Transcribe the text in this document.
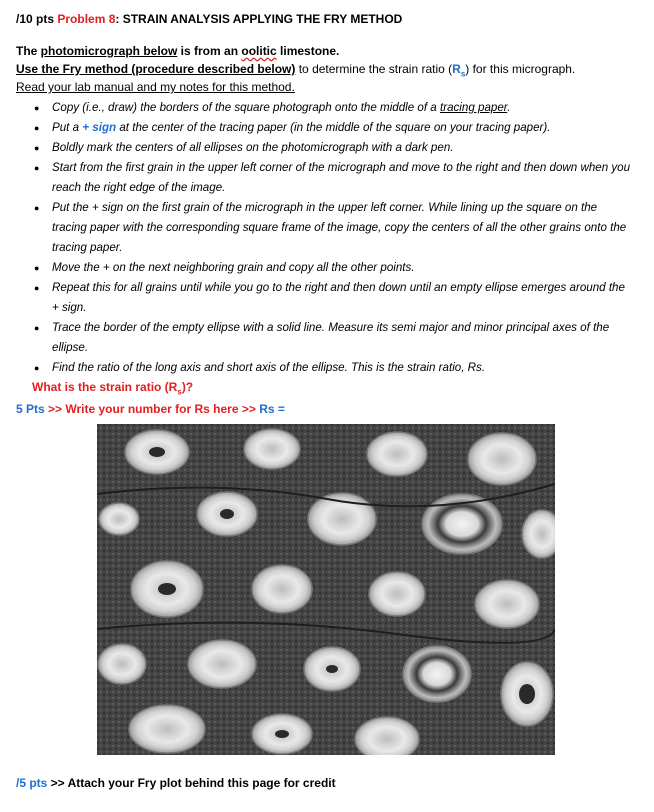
/10 pts Problem 8: STRAIN ANALYSIS APPLYING THE FRY METHOD
The photomicrograph below is from an oolitic limestone.
Use the Fry method (procedure described below) to determine the strain ratio $(R_s)$ for this micrograph.
Read your lab manual and my notes for this method.
● Copy (i.e., draw) the borders of the square photograph onto the middle of a tracing paper.
● Put a + sign at the center of the tracing paper (in the middle of the square on your tracing paper).
● Boldly mark the centers of all ellipses on the photomicrograph with a dark pen.
● Start from the first grain in the upper left corner of the micrograph and move to the right and then down when you reach the right edge of the image.
● Put the + sign on the first grain of the micrograph in the upper left corner. While lining up the square on the tracing paper with the corresponding square frame of the image, copy the centers of all the other grains onto the tracing paper.
● Move the + on the next neighboring grain and copy all the other points.
● Repeat this for all grains until while you go to the right and then down until an empty ellipse emerges around the + sign.
● Trace the border of the empty ellipse with a solid line. Measure its semi major and minor principal axes of the ellipse.
● Find the ratio of the long axis and short axis of the ellipse. This is the strain ratio, Rs.
What is the strain ratio $(R_s)$?
5 Pts >> Write your number for Rs here >> Rs =
/5 pts >> Attach your Fry plot behind this page for credit
